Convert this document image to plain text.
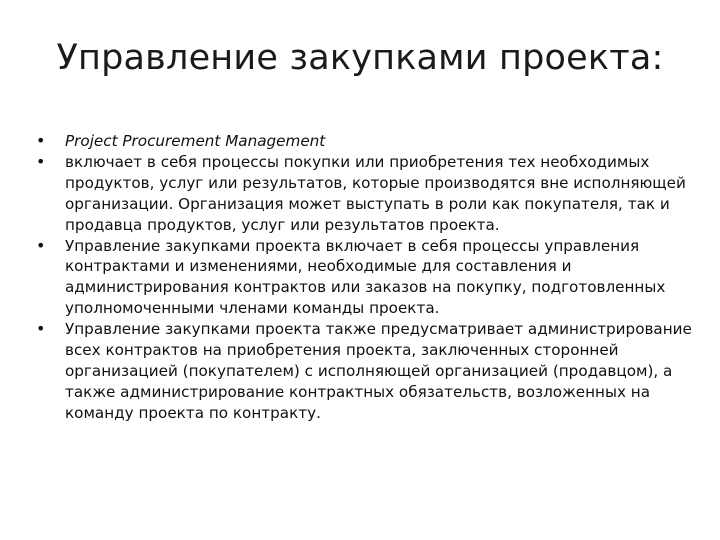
Управление закупками проекта:
•	Project Procurement Management
•	включает в себя процессы покупки или приобретения тех необходимых продуктов, услуг или результатов, которые производятся вне исполняющей организации. Организация может выступать в роли как покупателя, так и продавца продуктов, услуг или результатов проекта.
•	Управление закупками проекта включает в себя процессы управления контрактами и изменениями, необходимые для составления и администрирования контрактов или заказов на покупку, подготовленных уполномоченными членами команды проекта.
•	Управление закупками проекта также предусматривает администрирование всех контрактов на приобретения проекта, заключенных сторонней организацией (покупателем) с исполняющей организацией (продавцом), а также администрирование контрактных обязательств, возложенных на команду проекта по контракту.
